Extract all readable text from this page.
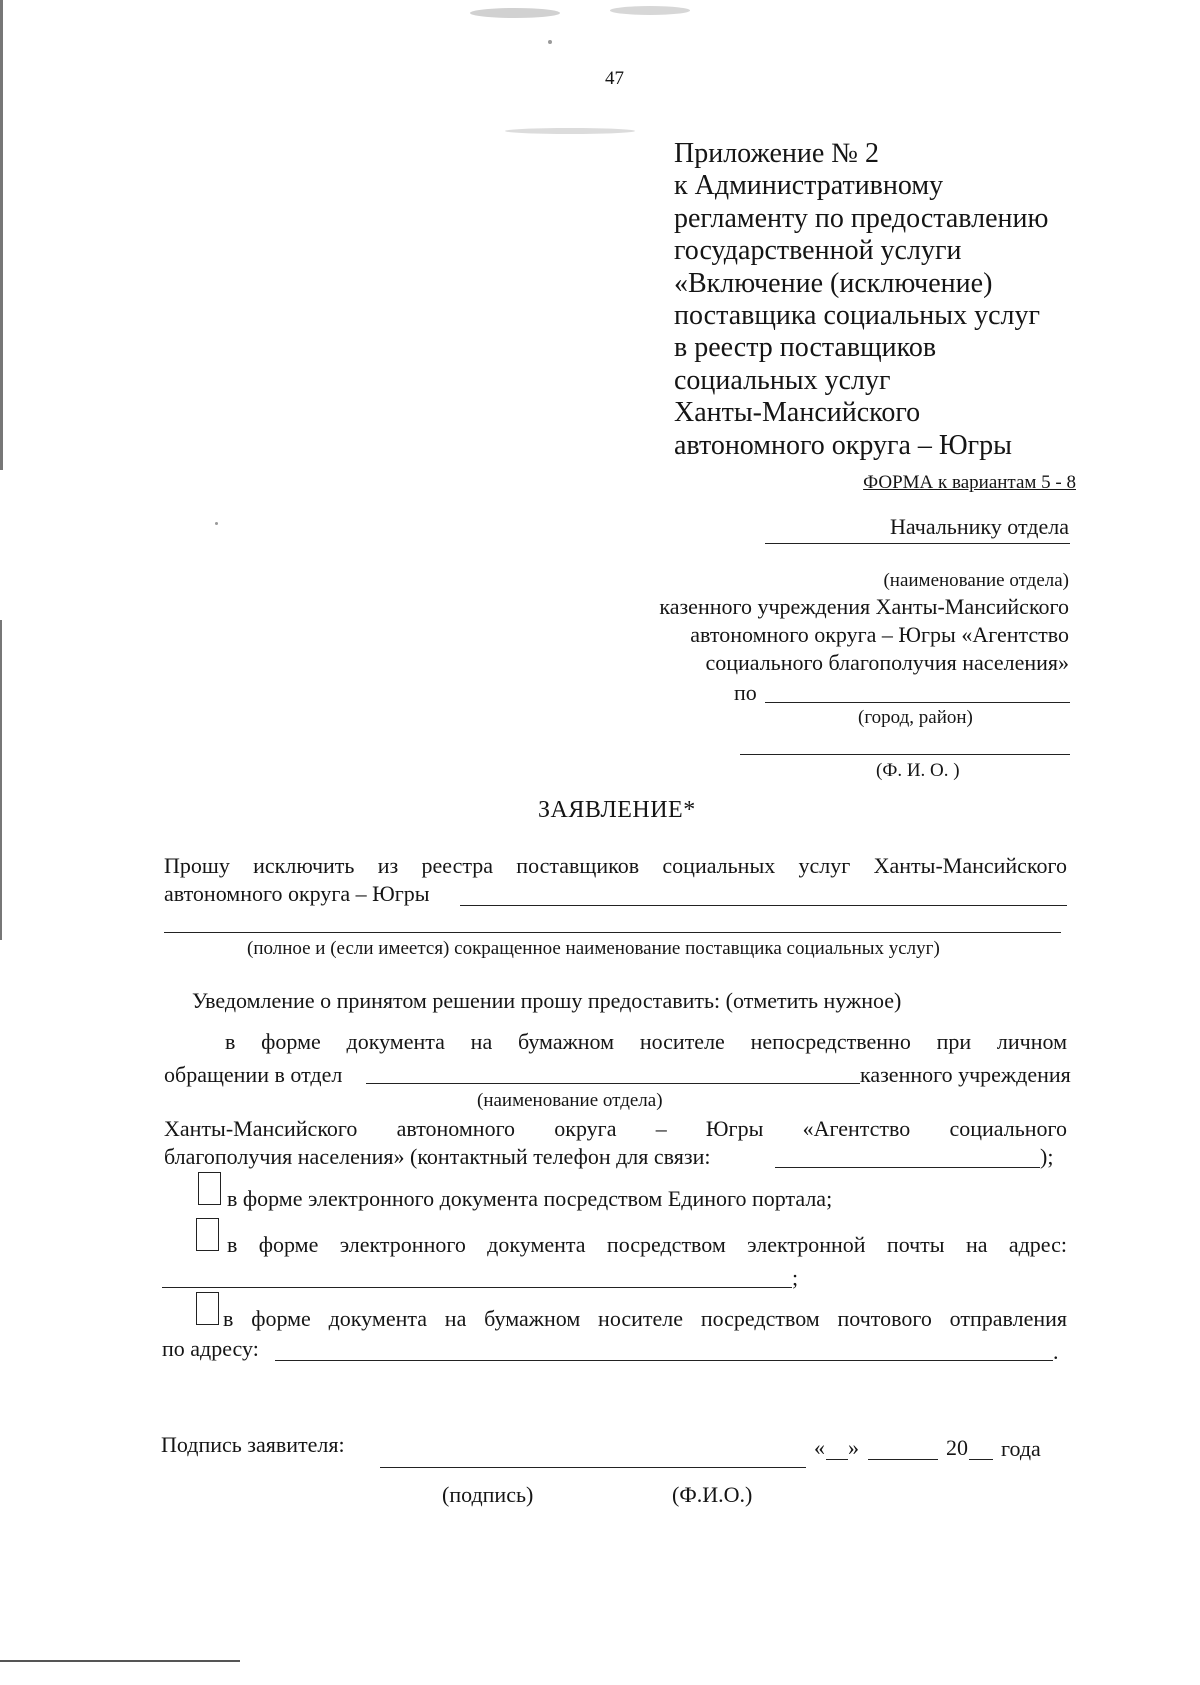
47
Приложение № 2
к Административному
регламенту по предоставлению
государственной услуги
«Включение (исключение)
поставщика социальных услуг
в реестр поставщиков
социальных услуг
Ханты-Мансийского
автономного округа – Югры
ФОРМА к вариантам 5 - 8
Начальнику отдела
(наименование отдела)
казенного учреждения Ханты-Мансийского
автономного округа – Югры «Агентство
социального благополучия населения»
по
(город, район)
(Ф. И. О. )
ЗАЯВЛЕНИЕ*
Прошу исключить из реестра поставщиков социальных услуг Ханты-Мансийского
автономного округа – Югры
(полное и (если имеется) сокращенное наименование поставщика социальных услуг)
Уведомление о принятом решении прошу предоставить: (отметить нужное)
в форме документа на бумажном носителе непосредственно при личном
обращении в отдел	казенного учреждения
(наименование отдела)
Ханты-Мансийского автономного округа – Югры «Агентство социального
благополучия населения» (контактный телефон для связи:	);
в форме электронного документа посредством Единого портала;
в форме электронного документа посредством электронной почты на адрес:
;
в форме документа на бумажном носителе посредством почтового отправления
по адресу:	.
Подпись заявителя:	« »	20 года
(подпись)	(Ф.И.О.)
